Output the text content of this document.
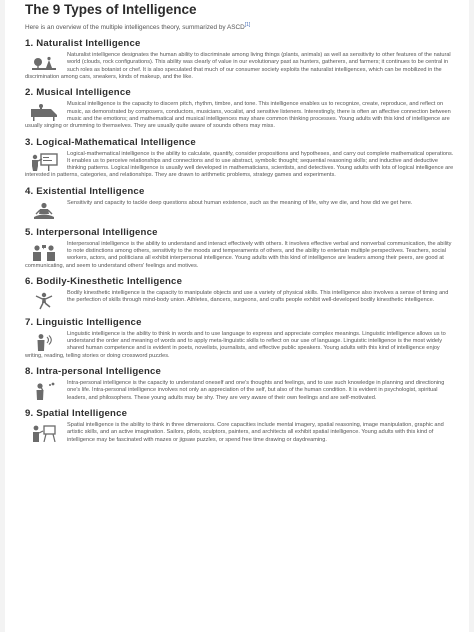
The 9 Types of Intelligence

Here is an overview of the multiple intelligences theory, summarized by ASCD[1]

1. Naturalist Intelligence

Naturalist intelligence designates the human ability to discriminate among living things (plants, animals) as well as sensitivity to other features of the natural world (clouds, rock configurations). This ability was clearly of value in our evolutionary past as hunters, gatherers, and farmers; it continues to be central in such roles as botanist or chef. It is also speculated that much of our consumer society exploits the naturalist intelligences, which can be mobilized in the discrimination among cars, sneakers, kinds of makeup, and the like.

2. Musical Intelligence

Musical intelligence is the capacity to discern pitch, rhythm, timbre, and tone. This intelligence enables us to recognize, create, reproduce, and reflect on music, as demonstrated by composers, conductors, musicians, vocalist, and sensitive listeners. Interestingly, there is often an affective connection between music and the emotions; and mathematical and musical intelligences may share common thinking processes. Young adults with this kind of intelligence are usually singing or drumming to themselves. They are usually quite aware of sounds others may miss.

3. Logical-Mathematical Intelligence

Logical-mathematical intelligence is the ability to calculate, quantify, consider propositions and hypotheses, and carry out complete mathematical operations. It enables us to perceive relationships and connections and to use abstract, symbolic thought; sequential reasoning skills; and inductive and deductive thinking patterns. Logical intelligence is usually well developed in mathematicians, scientists, and detectives. Young adults with lots of logical intelligence are interested in patterns, categories, and relationships. They are drawn to arithmetic problems, strategy games and experiments.

4. Existential Intelligence

Sensitivity and capacity to tackle deep questions about human existence, such as the meaning of life, why we die, and how did we get here.

5. Interpersonal Intelligence

Interpersonal intelligence is the ability to understand and interact effectively with others. It involves effective verbal and nonverbal communication, the ability to note distinctions among others, sensitivity to the moods and temperaments of others, and the ability to entertain multiple perspectives. Teachers, social workers, actors, and politicians all exhibit interpersonal intelligence. Young adults with this kind of intelligence are leaders among their peers, are good at communicating, and seem to understand others' feelings and motives.

6. Bodily-Kinesthetic Intelligence

Bodily kinesthetic intelligence is the capacity to manipulate objects and use a variety of physical skills. This intelligence also involves a sense of timing and the perfection of skills through mind-body union. Athletes, dancers, surgeons, and crafts people exhibit well-developed bodily kinesthetic intelligence.

7. Linguistic Intelligence

Linguistic intelligence is the ability to think in words and to use language to express and appreciate complex meanings. Linguistic intelligence allows us to understand the order and meaning of words and to apply meta-linguistic skills to reflect on our use of language. Linguistic intelligence is the most widely shared human competence and is evident in poets, novelists, journalists, and effective public speakers. Young adults with this kind of intelligence enjoy writing, reading, telling stories or doing crossword puzzles.

8. Intra-personal Intelligence

Intra-personal intelligence is the capacity to understand oneself and one's thoughts and feelings, and to use such knowledge in planning and directioning one's life. Intra-personal intelligence involves not only an appreciation of the self, but also of the human condition. It is evident in psychologist, spiritual leaders, and philosophers. These young adults may be shy. They are very aware of their own feelings and are self-motivated.

9. Spatial Intelligence

Spatial intelligence is the ability to think in three dimensions. Core capacities include mental imagery, spatial reasoning, image manipulation, graphic and artistic skills, and an active imagination. Sailors, pilots, sculptors, painters, and architects all exhibit spatial intelligence. Young adults with this kind of intelligence may be fascinated with mazes or jigsaw puzzles, or spend free time drawing or daydreaming.
